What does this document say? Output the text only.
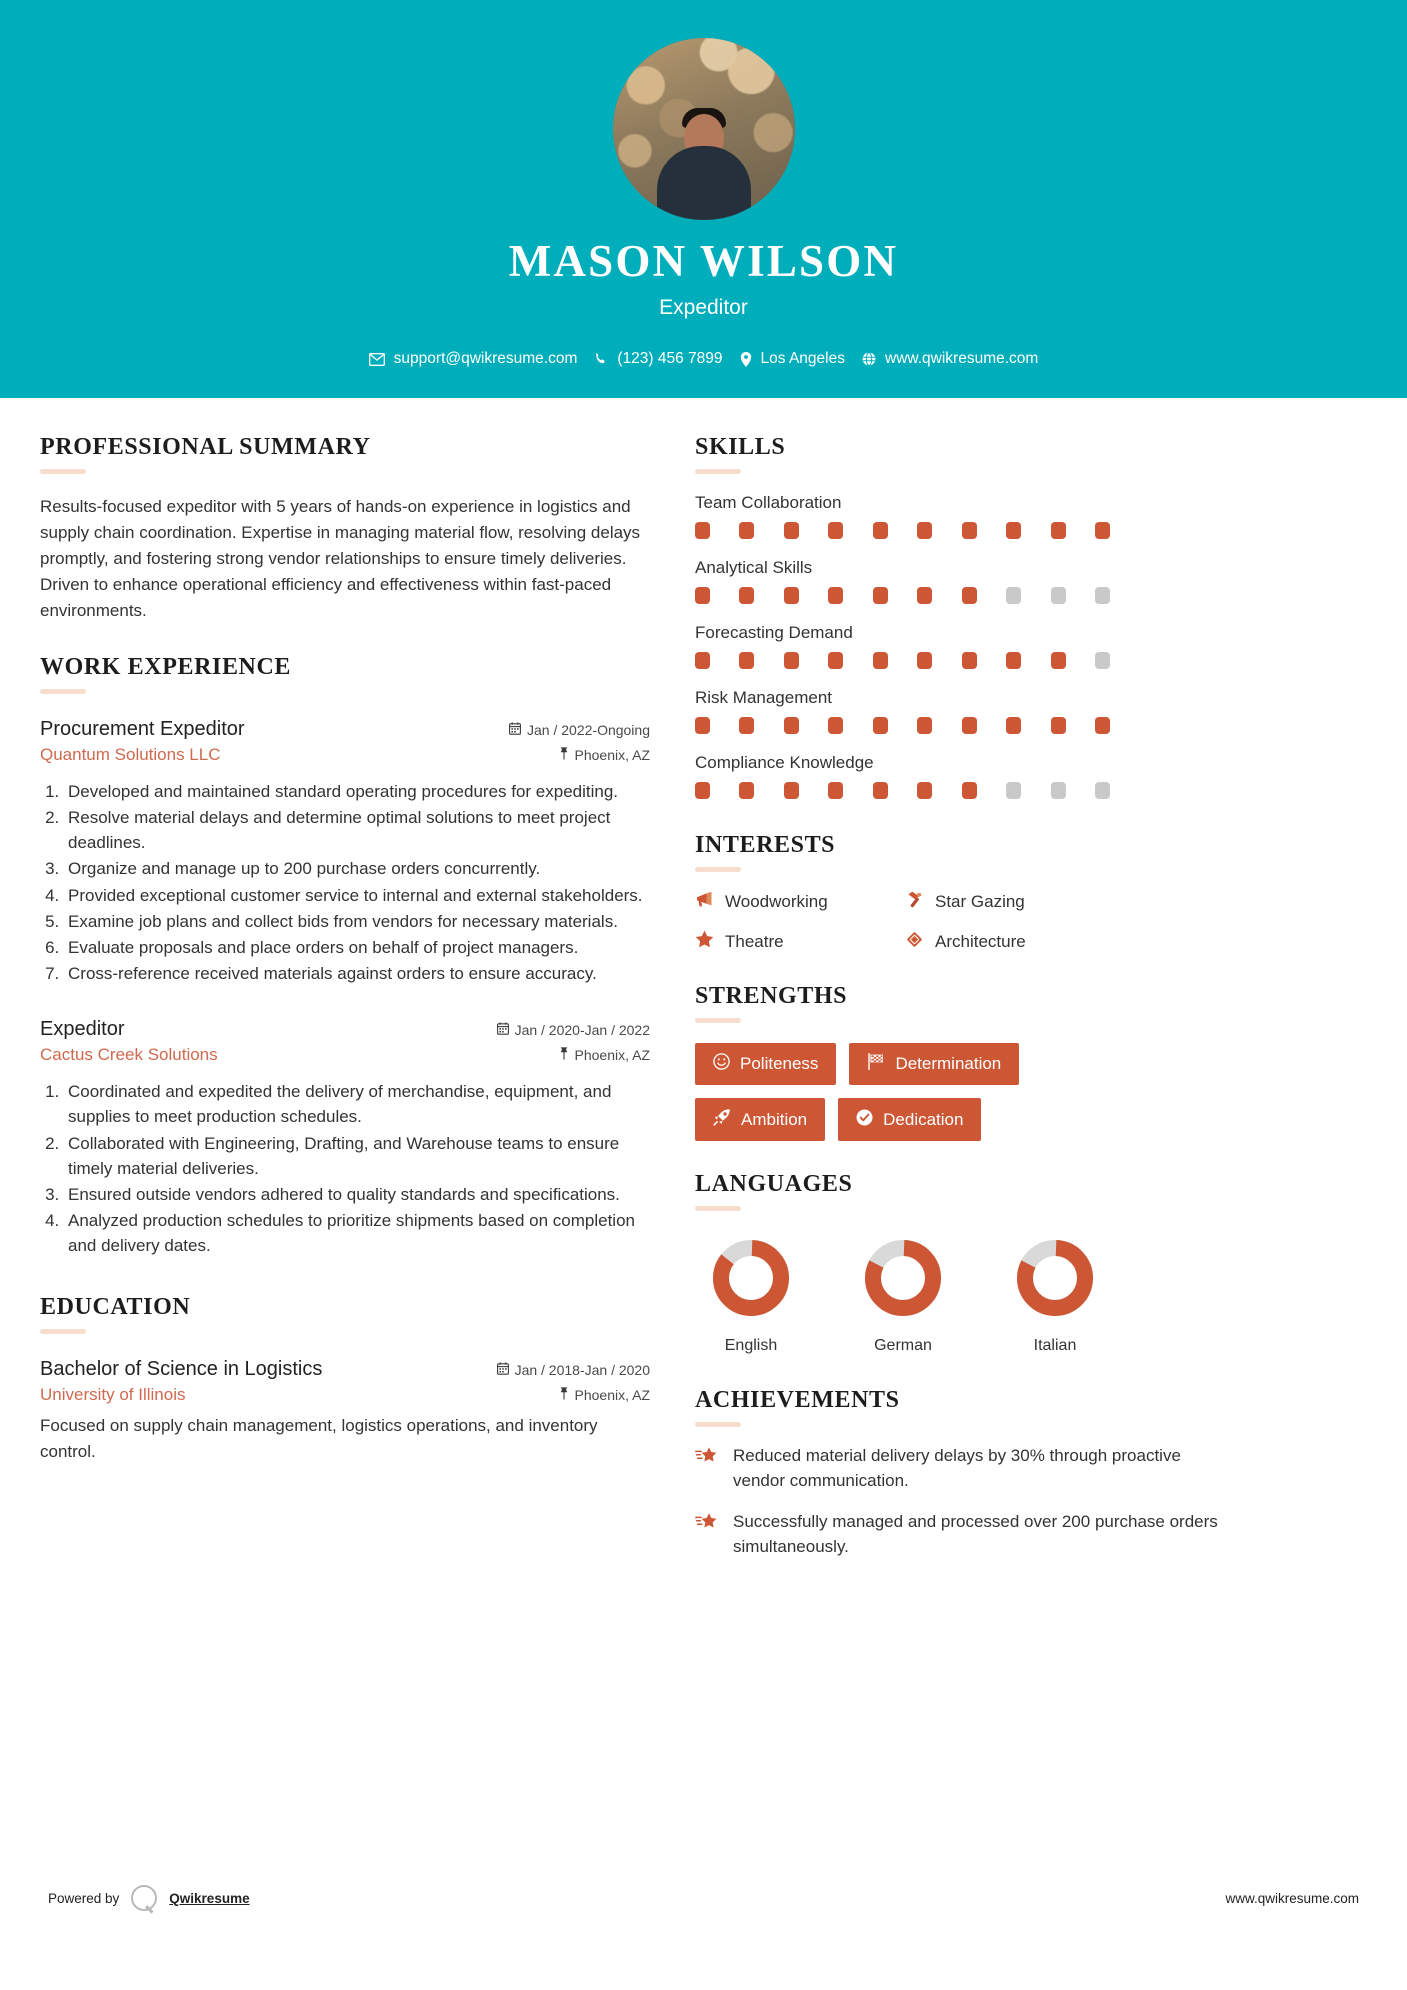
MASON WILSON
Expeditor
support@qwikresume.com	(123) 456 7899 Los Angeles	www.qwikresume.com
PROFESSIONAL SUMMARY

Results-focused expeditor with 5 years of hands-on experience in logistics and supply chain coordination. Expertise in managing material flow, resolving delays promptly, and fostering strong vendor relationships to ensure timely deliveries. Driven to enhance operational efficiency and effectiveness within fast-paced environments.

WORK EXPERIENCE
Procurement Expeditor	Jan / 2022-Ongoing
Quantum Solutions LLC	Phoenix, AZ
1. Developed and maintained standard operating procedures for expediting.
2. Resolve material delays and determine optimal solutions to meet project deadlines.
3. Organize and manage up to 200 purchase orders concurrently.
4. Provided exceptional customer service to internal and external stakeholders.
5. Examine job plans and collect bids from vendors for necessary materials.
6. Evaluate proposals and place orders on behalf of project managers.
7. Cross-reference received materials against orders to ensure accuracy.
Expeditor	Jan / 2020-Jan / 2022
Cactus Creek Solutions	Phoenix, AZ
1. Coordinated and expedited the delivery of merchandise, equipment, and supplies to meet production schedules.
2. Collaborated with Engineering, Drafting, and Warehouse teams to ensure timely material deliveries.
3. Ensured outside vendors adhered to quality standards and specifications.
4. Analyzed production schedules to prioritize shipments based on completion and delivery dates.
EDUCATION
Bachelor of Science in Logistics	Jan / 2018-Jan / 2020
University of Illinois	Phoenix, AZ

Focused on supply chain management, logistics operations, and inventory control.

SKILLS
Team Collaboration
Analytical Skills
Forecasting Demand
Risk Management
Compliance Knowledge
INTERESTS
Woodworking	Star Gazing
Theatre	Architecture
STRENGTHS
Politeness	Determination
Ambition	Dedication
LANGUAGES
English	German	Italian
ACHIEVEMENTS
Reduced material delivery delays by 30% through proactive vendor communication.
Successfully managed and processed over 200 purchase orders simultaneously.
Powered by	Qwikresume	www.qwikresume.com
